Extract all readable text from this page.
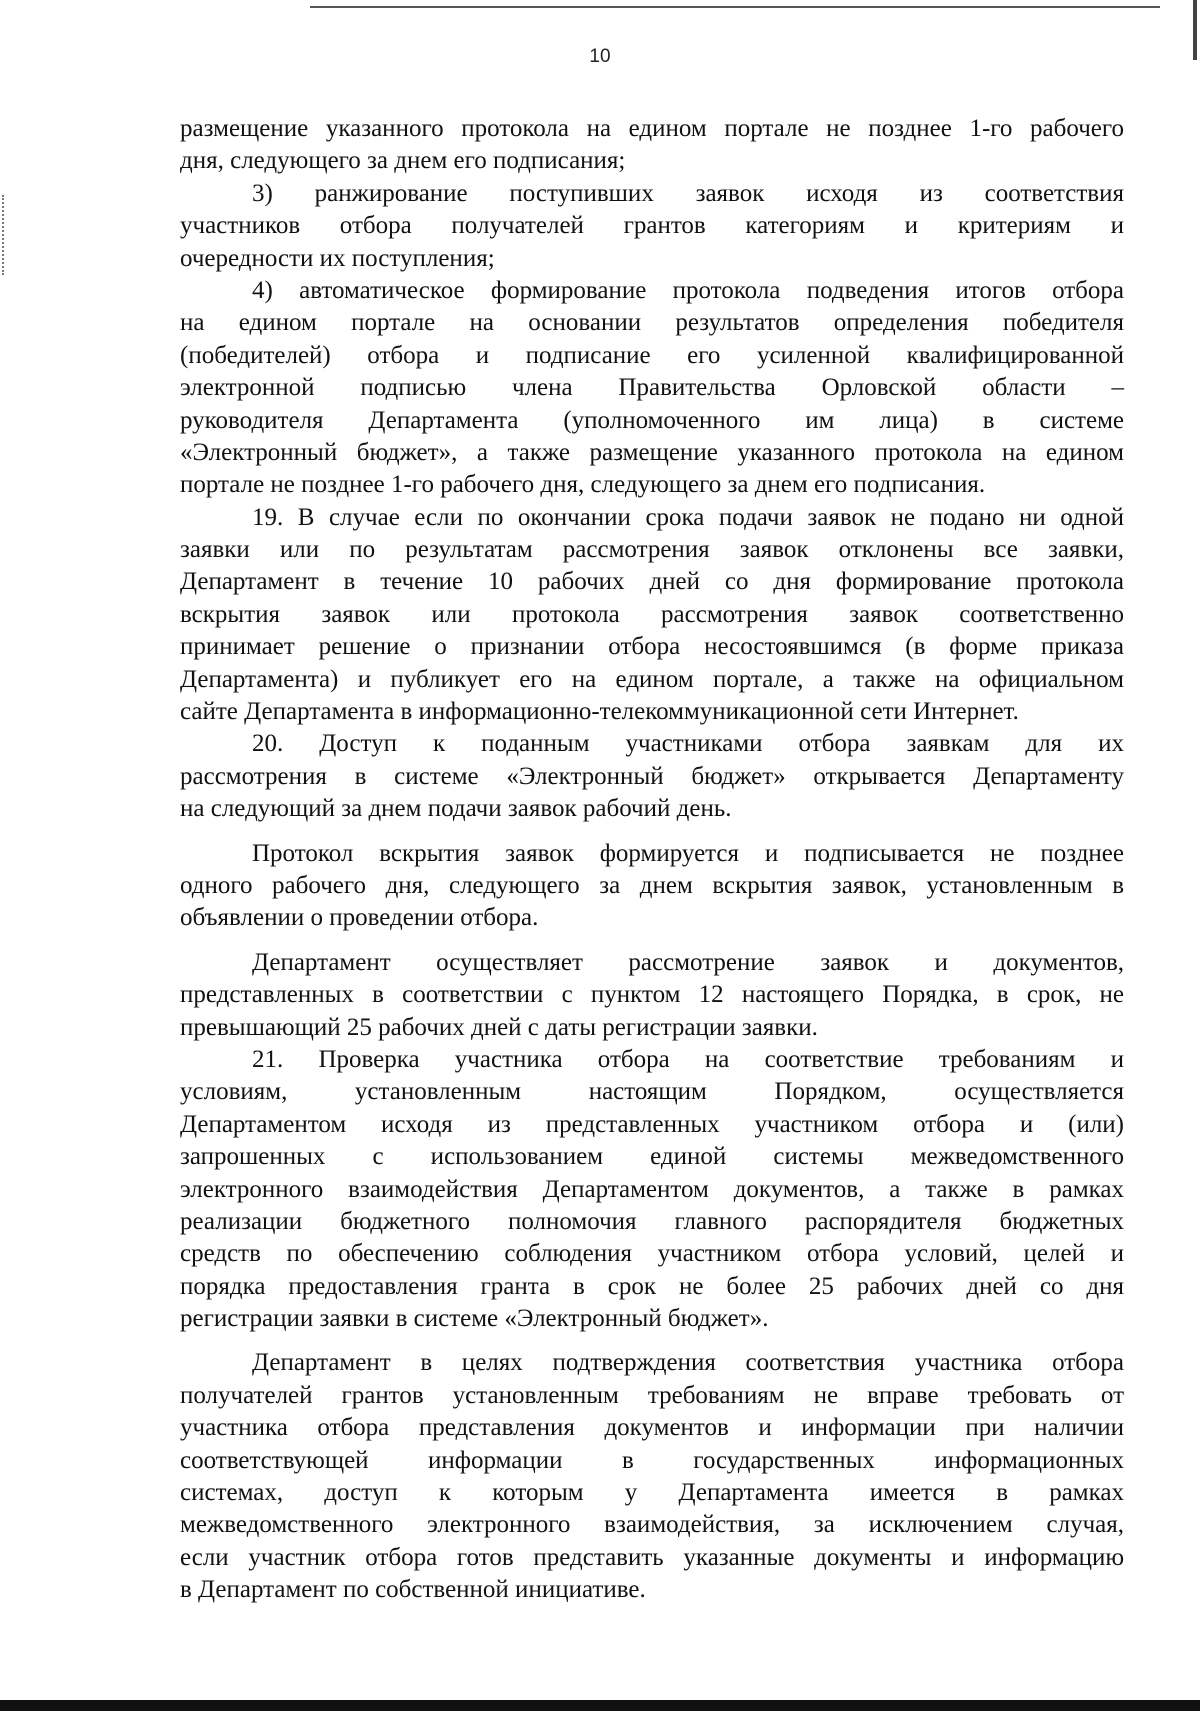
10
размещение указанного протокола на едином портале не позднее 1-го рабочего
дня, следующего за днем его подписания;
3) ранжирование поступивших заявок исходя из соответствия
участников отбора получателей грантов категориям и критериям и
очередности их поступления;
4) автоматическое формирование протокола подведения итогов отбора
на едином портале на основании результатов определения победителя
(победителей) отбора и подписание его усиленной квалифицированной
электронной подписью члена Правительства Орловской области –
руководителя Департамента (уполномоченного им лица) в системе
«Электронный бюджет», а также размещение указанного протокола на едином
портале не позднее 1-го рабочего дня, следующего за днем его подписания.
19. В случае если по окончании срока подачи заявок не подано ни одной
заявки или по результатам рассмотрения заявок отклонены все заявки,
Департамент в течение 10 рабочих дней со дня формирование протокола
вскрытия заявок или протокола рассмотрения заявок соответственно
принимает решение о признании отбора несостоявшимся (в форме приказа
Департамента) и публикует его на едином портале, а также на официальном
сайте Департамента в информационно-телекоммуникационной сети Интернет.
20. Доступ к поданным участниками отбора заявкам для их
рассмотрения в системе «Электронный бюджет» открывается Департаменту
на следующий за днем подачи заявок рабочий день.
Протокол вскрытия заявок формируется и подписывается не позднее
одного рабочего дня, следующего за днем вскрытия заявок, установленным в
объявлении о проведении отбора.
Департамент осуществляет рассмотрение заявок и документов,
представленных в соответствии с пунктом 12 настоящего Порядка, в срок, не
превышающий 25 рабочих дней с даты регистрации заявки.
21. Проверка участника отбора на соответствие требованиям и
условиям, установленным настоящим Порядком, осуществляется
Департаментом исходя из представленных участником отбора и (или)
запрошенных с использованием единой системы межведомственного
электронного взаимодействия Департаментом документов, а также в рамках
реализации бюджетного полномочия главного распорядителя бюджетных
средств по обеспечению соблюдения участником отбора условий, целей и
порядка предоставления гранта в срок не более 25 рабочих дней со дня
регистрации заявки в системе «Электронный бюджет».
Департамент в целях подтверждения соответствия участника отбора
получателей грантов установленным требованиям не вправе требовать от
участника отбора представления документов и информации при наличии
соответствующей информации в государственных информационных
системах, доступ к которым у Департамента имеется в рамках
межведомственного электронного взаимодействия, за исключением случая,
если участник отбора готов представить указанные документы и информацию
в Департамент по собственной инициативе.
